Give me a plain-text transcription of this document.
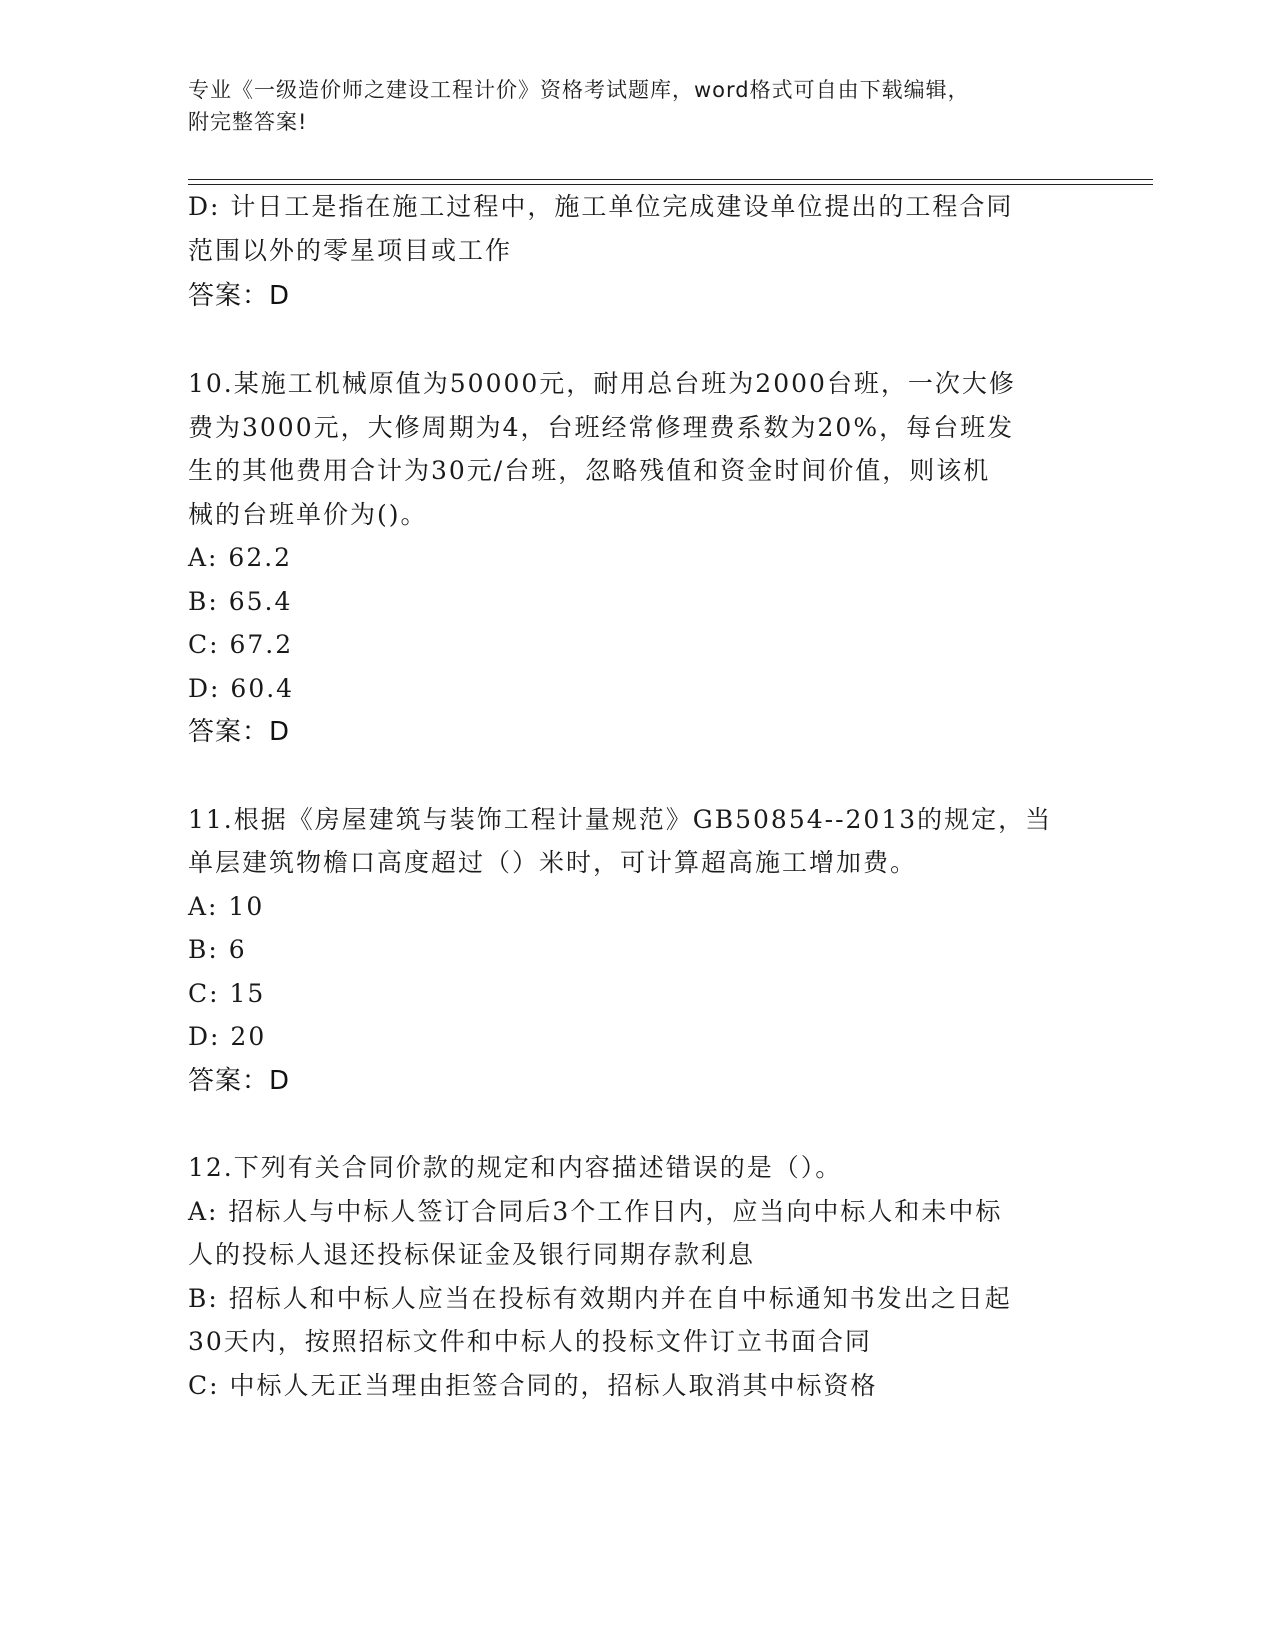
专业《一级造价师之建设工程计价》资格考试题库，word格式可自由下载编辑，
附完整答案!
D: 计日工是指在施工过程中，施工单位完成建设单位提出的工程合同
范围以外的零星项目或工作
答案：D
10.某施工机械原值为50000元，耐用总台班为2000台班，一次大修
费为3000元，大修周期为4，台班经常修理费系数为20%，每台班发
生的其他费用合计为30元/台班，忽略残值和资金时间价值，则该机
械的台班单价为()。
A: 62.2
B: 65.4
C: 67.2
D: 60.4
答案：D
11.根据《房屋建筑与装饰工程计量规范》GB50854--2013的规定，当
单层建筑物檐口高度超过（）米时，可计算超高施工增加费。
A: 10
B: 6
C: 15
D: 20
答案：D
12.下列有关合同价款的规定和内容描述错误的是（）。
A: 招标人与中标人签订合同后3个工作日内，应当向中标人和未中标
人的投标人退还投标保证金及银行同期存款利息
B: 招标人和中标人应当在投标有效期内并在自中标通知书发出之日起
30天内，按照招标文件和中标人的投标文件订立书面合同
C: 中标人无正当理由拒签合同的，招标人取消其中标资格
